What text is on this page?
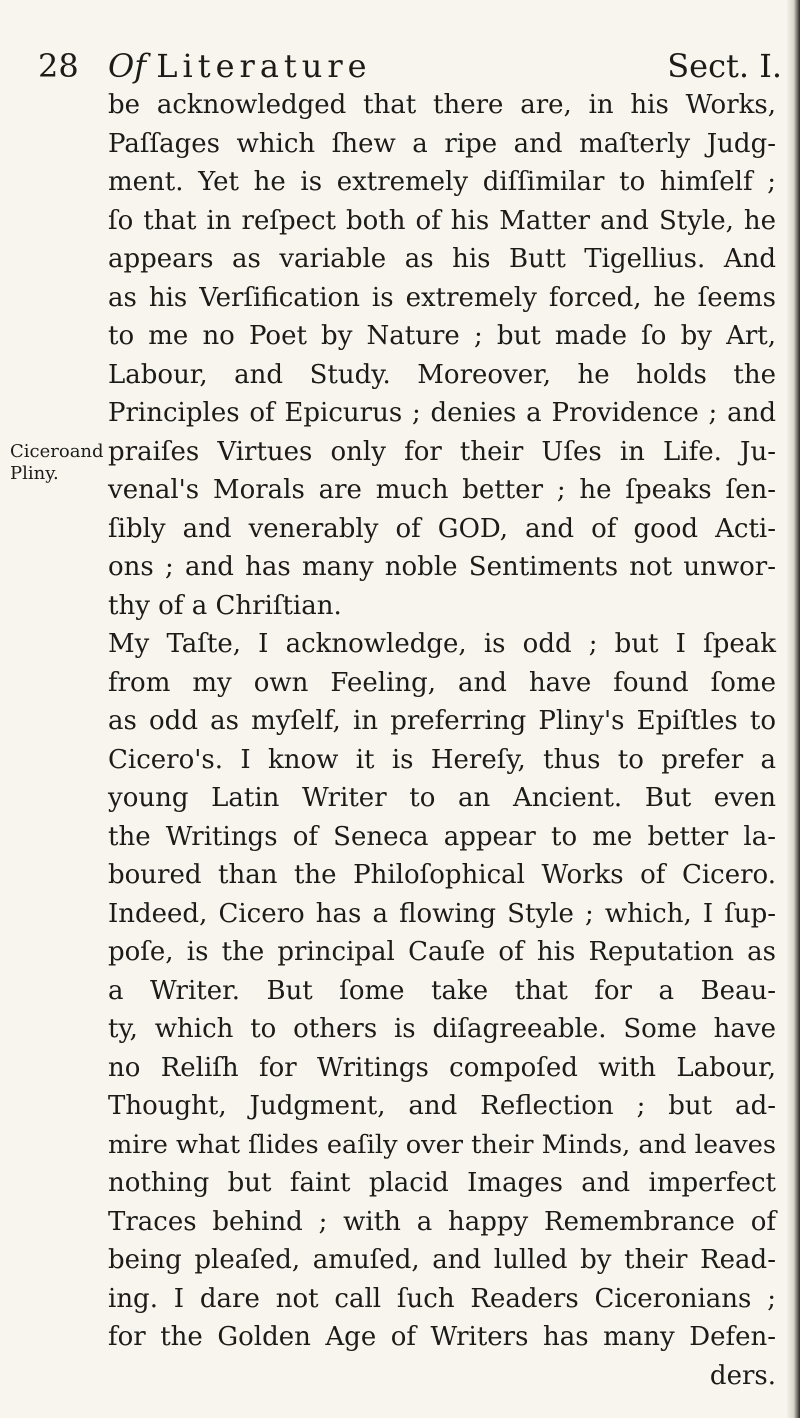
28 Of Literature	Sect. I.
Ciceroand
Pliny.
be acknowledged that there are, in his Works,
Paſſages which ſhew a ripe and maſterly Judg-
ment. Yet he is extremely diſſimilar to himſelf ;
ſo that in reſpect both of his Matter and Style, he
appears as variable as his Butt Tigellius. And
as his Verſification is extremely forced, he ſeems
to me no Poet by Nature ; but made ſo by Art,
Labour, and Study. Moreover, he holds the
Principles of Epicurus ; denies a Providence ; and
praiſes Virtues only for their Uſes in Life. Ju-
venal's Morals are much better ; he ſpeaks ſen-
ſibly and venerably of GOD, and of good Acti-
ons ; and has many noble Sentiments not unwor-
thy of a Chriſtian.
My Taſte, I acknowledge, is odd ; but I ſpeak
from my own Feeling, and have found ſome
as odd as myſelf, in preferring Pliny's Epiſtles to
Cicero's. I know it is Hereſy, thus to prefer a
young Latin Writer to an Ancient. But even
the Writings of Seneca appear to me better la-
boured than the Philoſophical Works of Cicero.
Indeed, Cicero has a flowing Style ; which, I ſup-
poſe, is the principal Cauſe of his Reputation as
a Writer. But ſome take that for a Beau-
ty, which to others is diſagreeable. Some have
no Reliſh for Writings compoſed with Labour,
Thought, Judgment, and Reflection ; but ad-
mire what ſlides eaſily over their Minds, and leaves
nothing but faint placid Images and imperfect
Traces behind ; with a happy Remembrance of
being pleaſed, amuſed, and lulled by their Read-
ing. I dare not call ſuch Readers Ciceronians ;
for the Golden Age of Writers has many Defen-
ders.
